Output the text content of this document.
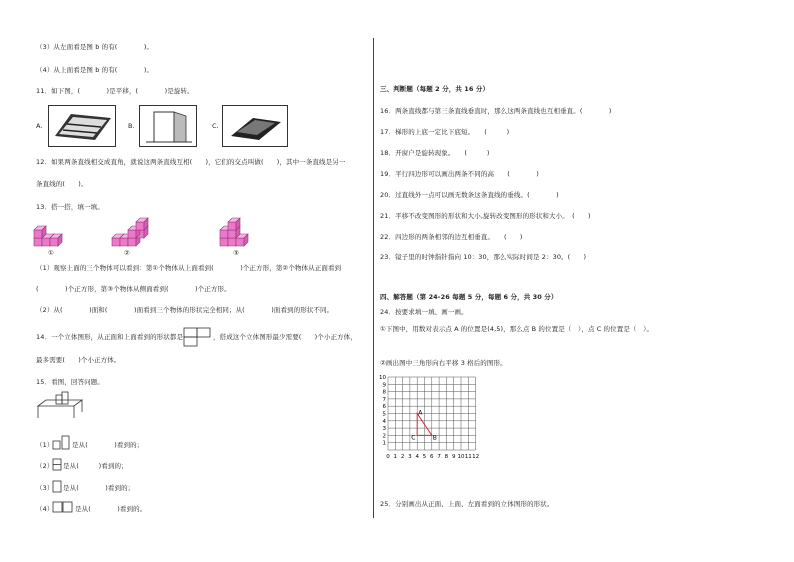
（3）从左面看是图 b 的有(　　　　)。
（4）从上面看是图 b 的有(　　　　)。
11．如下图，(　　　　)是平移，(　　　　)是旋转。
A.	B.	C.
12．如果两条直线相交成直角，就说这两条直线互相(　　)，它们的交点叫做(　　)，其中一条直线是另一
条直线的(　　)。
13．搭一搭，填一填。
①	②	③
（1）观察上面的三个物体可以看到：第①个物体从上面看到(　　　　)个正方形，第②个物体从正面看到
(　　　　)个正方形，第③个物体从侧面看到(　　　　)个正方形。
（2）从(　　　　)面和(　　　　)面看到三个物体的形状完全相同；从(　　　　)面看到的形状不同。
14．一个立体图形，从正面和上面看到的形状都是	，搭成这个立体图形最少需要(　　)个小正方体，
最多需要(　　)个小正方体。
15．看图，回答问题。
（1）	是从(　　　　)看到的；
（2） 是从(　　　)看到的；
（3） 是从(　　　　)看到的；
（4）	是从(　　　　)看到的。
三、判断题（每题 2 分，共 16 分）
16．两条直线都与第三条直线垂直时，那么这两条直线也互相垂直。(　　　　)
17．梯形的上底一定比下底短。　　(　　　)
18．开窗户是旋转现象。　　(　　　)
19．平行四边形可以画出两条不同的高　　(　　　　)
20．过直线外一点可以画无数条这条直线的垂线。(　　　　)
21．平移不改变图形的形状和大小,旋转改变图形的形状和大小。　(　　)
22．四边形的两条相邻的边互相垂直。　　(　　)
23．镜子里的时钟指针指向 10：30，那么实际时间是 2：30。(　　)
四、解答题（第 24-26 每题 5 分，每题 6 分，共 30 分）
24．按要求填一填、画一画。
①下图中，用数对表示点 A 的位置是(4,5)，那么点 B 的位置是（　），点 C 的位置是（　）。
②画出图中三角形向右平移 3 格后的图形。
10
9
8
7
6
5
4
3
2
1
0 1 2 3 4 5 6 7 8 9 10 11 12
A
B
C
25．分别画出从正面、上面、左面看到的立体图形的形状。
